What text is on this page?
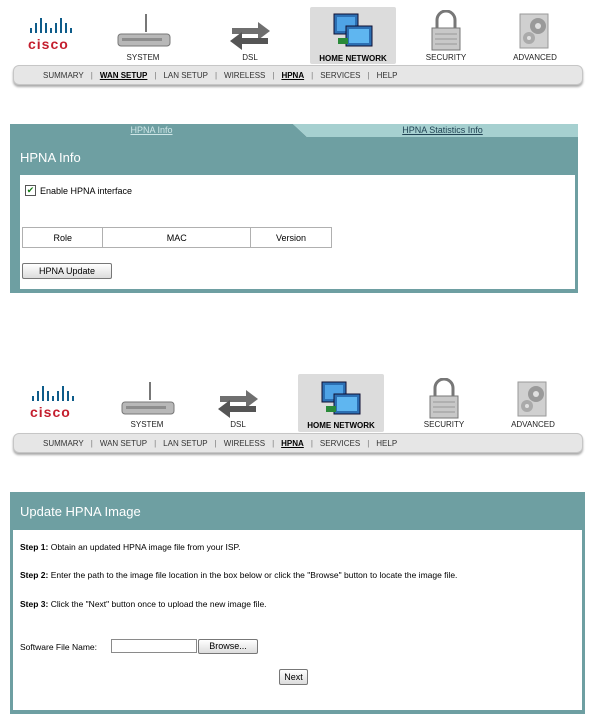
cisco
SYSTEM	DSL	HOME NETWORK	SECURITY	ADVANCED
SUMMARY | WAN SETUP | LAN SETUP | WIRELESS | HPNA | SERVICES | HELP
HPNA Info	HPNA Statistics Info
HPNA Info
✔ Enable HPNA interface
Role	MAC	Version
HPNA Update
cisco
SYSTEM	DSL	HOME NETWORK	SECURITY	ADVANCED
SUMMARY | WAN SETUP | LAN SETUP | WIRELESS | HPNA | SERVICES | HELP
Update HPNA Image
Step 1: Obtain an updated HPNA image file from your ISP.
Step 2: Enter the path to the image file location in the box below or click the "Browse" button to locate the image file.
Step 3: Click the "Next" button once to upload the new image file.
Software File Name:	Browse...
Next
